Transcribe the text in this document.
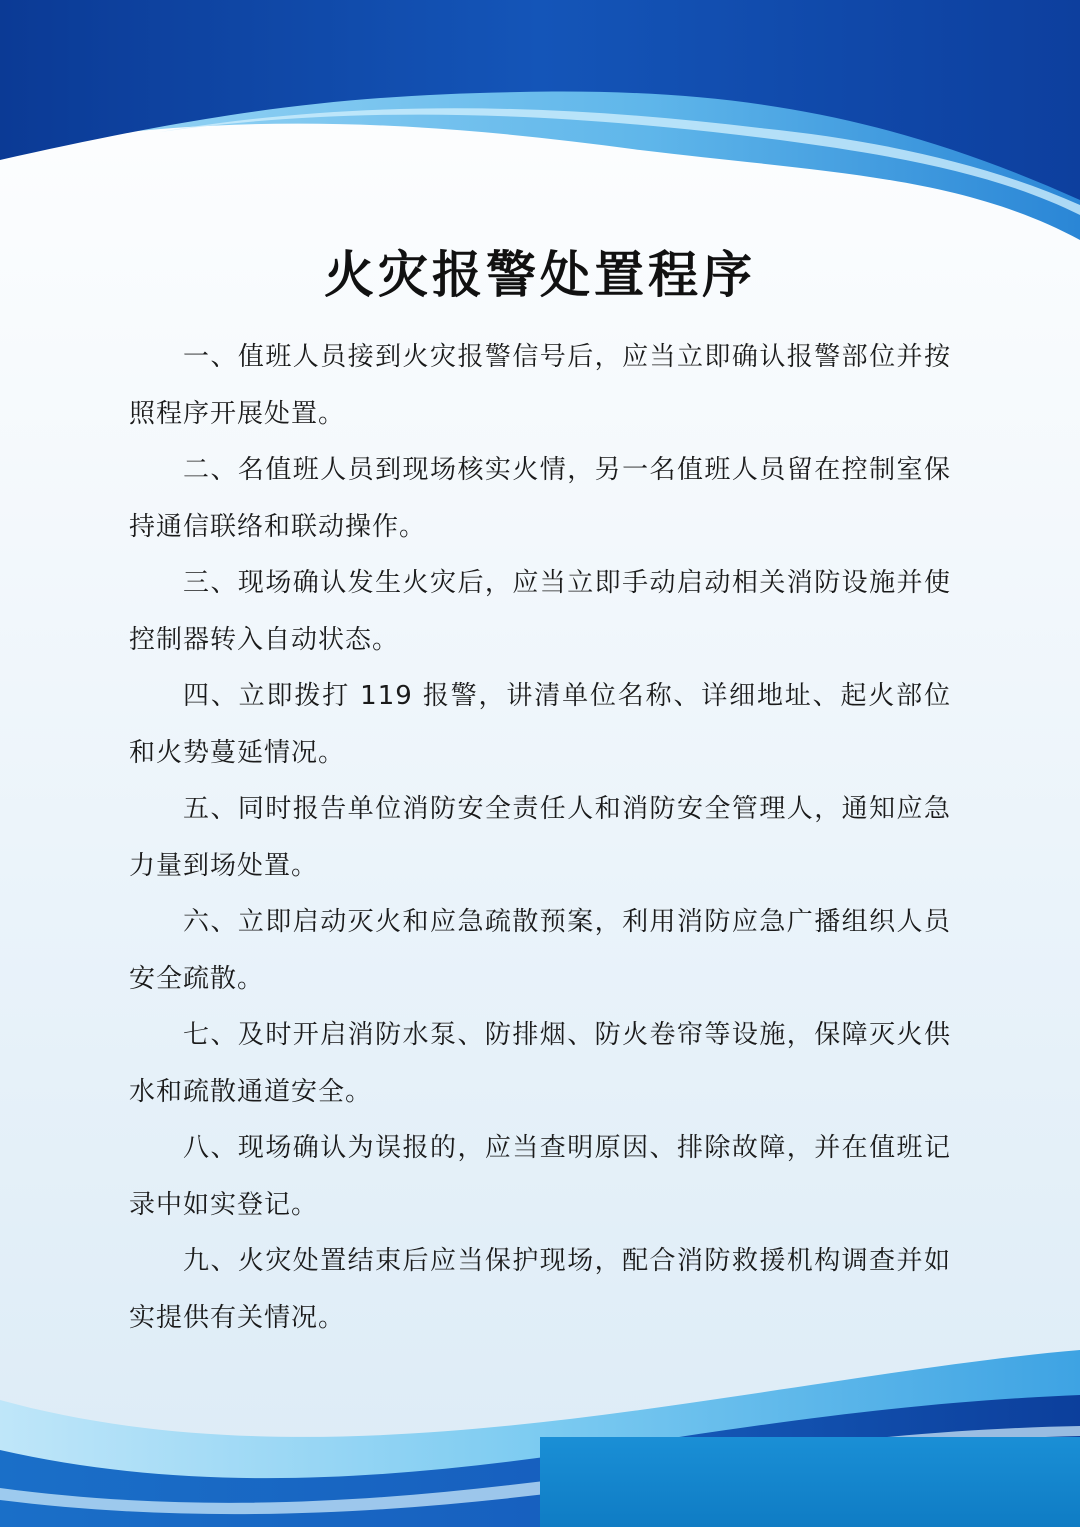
火灾报警处置程序
一、值班人员接到火灾报警信号后，应当立即确认报警部位并按照程序开展处置。
二、名值班人员到现场核实火情，另一名值班人员留在控制室保持通信联络和联动操作。
三、现场确认发生火灾后，应当立即手动启动相关消防设施并使控制器转入自动状态。
四、立即拨打 119 报警，讲清单位名称、详细地址、起火部位和火势蔓延情况。
五、同时报告单位消防安全责任人和消防安全管理人，通知应急力量到场处置。
六、立即启动灭火和应急疏散预案，利用消防应急广播组织人员安全疏散。
七、及时开启消防水泵、防排烟、防火卷帘等设施，保障灭火供水和疏散通道安全。
八、现场确认为误报的，应当查明原因、排除故障，并在值班记录中如实登记。
九、火灾处置结束后应当保护现场，配合消防救援机构调查并如实提供有关情况。
